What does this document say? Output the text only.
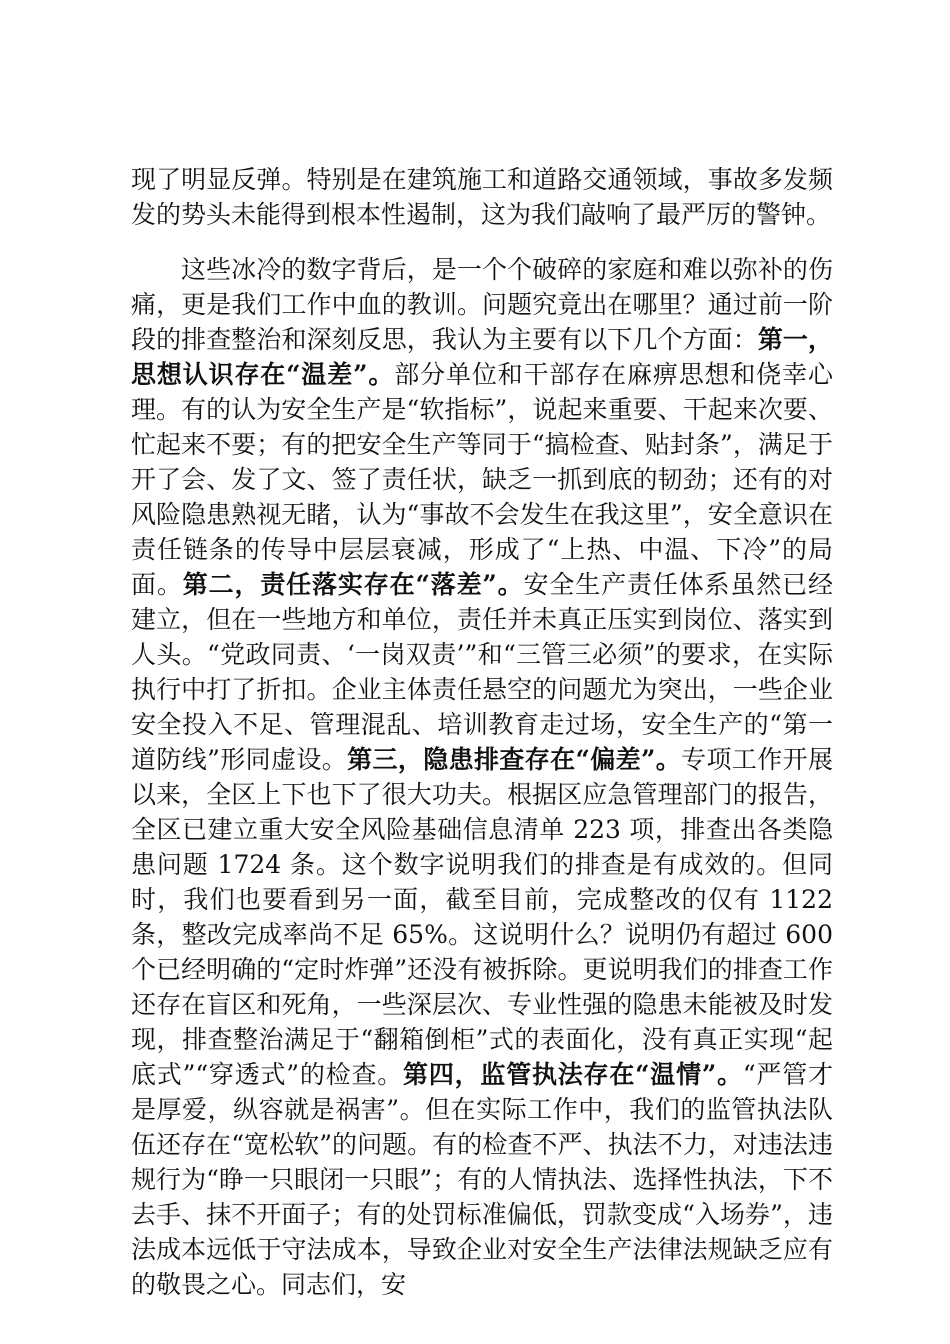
现了明显反弹。特别是在建筑施工和道路交通领域，事故多发频发的势头未能得到根本性遏制，这为我们敲响了最严厉的警钟。

这些冰冷的数字背后，是一个个破碎的家庭和难以弥补的伤痛，更是我们工作中血的教训。问题究竟出在哪里？通过前一阶段的排查整治和深刻反思，我认为主要有以下几个方面：第一，思想认识存在“温差”。部分单位和干部存在麻痹思想和侥幸心理。有的认为安全生产是“软指标”，说起来重要、干起来次要、忙起来不要；有的把安全生产等同于“搞检查、贴封条”，满足于开了会、发了文、签了责任状，缺乏一抓到底的韧劲；还有的对风险隐患熟视无睹，认为“事故不会发生在我这里”，安全意识在责任链条的传导中层层衰减，形成了“上热、中温、下冷”的局面。第二，责任落实存在“落差”。安全生产责任体系虽然已经建立，但在一些地方和单位，责任并未真正压实到岗位、落实到人头。“党政同责、‘一岗双责’”和“三管三必须”的要求，在实际执行中打了折扣。企业主体责任悬空的问题尤为突出，一些企业安全投入不足、管理混乱、培训教育走过场，安全生产的“第一道防线”形同虚设。第三，隐患排查存在“偏差”。专项工作开展以来，全区上下也下了很大功夫。根据区应急管理部门的报告，全区已建立重大安全风险基础信息清单 223 项，排查出各类隐患问题 1724 条。这个数字说明我们的排查是有成效的。但同时，我们也要看到另一面，截至目前，完成整改的仅有 1122 条，整改完成率尚不足 65%。这说明什么？说明仍有超过 600 个已经明确的“定时炸弹”还没有被拆除。更说明我们的排查工作还存在盲区和死角，一些深层次、专业性强的隐患未能被及时发现，排查整治满足于“翻箱倒柜”式的表面化，没有真正实现“起底式”“穿透式”的检查。第四，监管执法存在“温情”。“严管才是厚爱，纵容就是祸害”。但在实际工作中，我们的监管执法队伍还存在“宽松软”的问题。有的检查不严、执法不力，对违法违规行为“睁一只眼闭一只眼”；有的人情执法、选择性执法，下不去手、抹不开面子；有的处罚标准偏低，罚款变成“入场券”，违法成本远低于守法成本，导致企业对安全生产法律法规缺乏应有的敬畏之心。同志们，安
